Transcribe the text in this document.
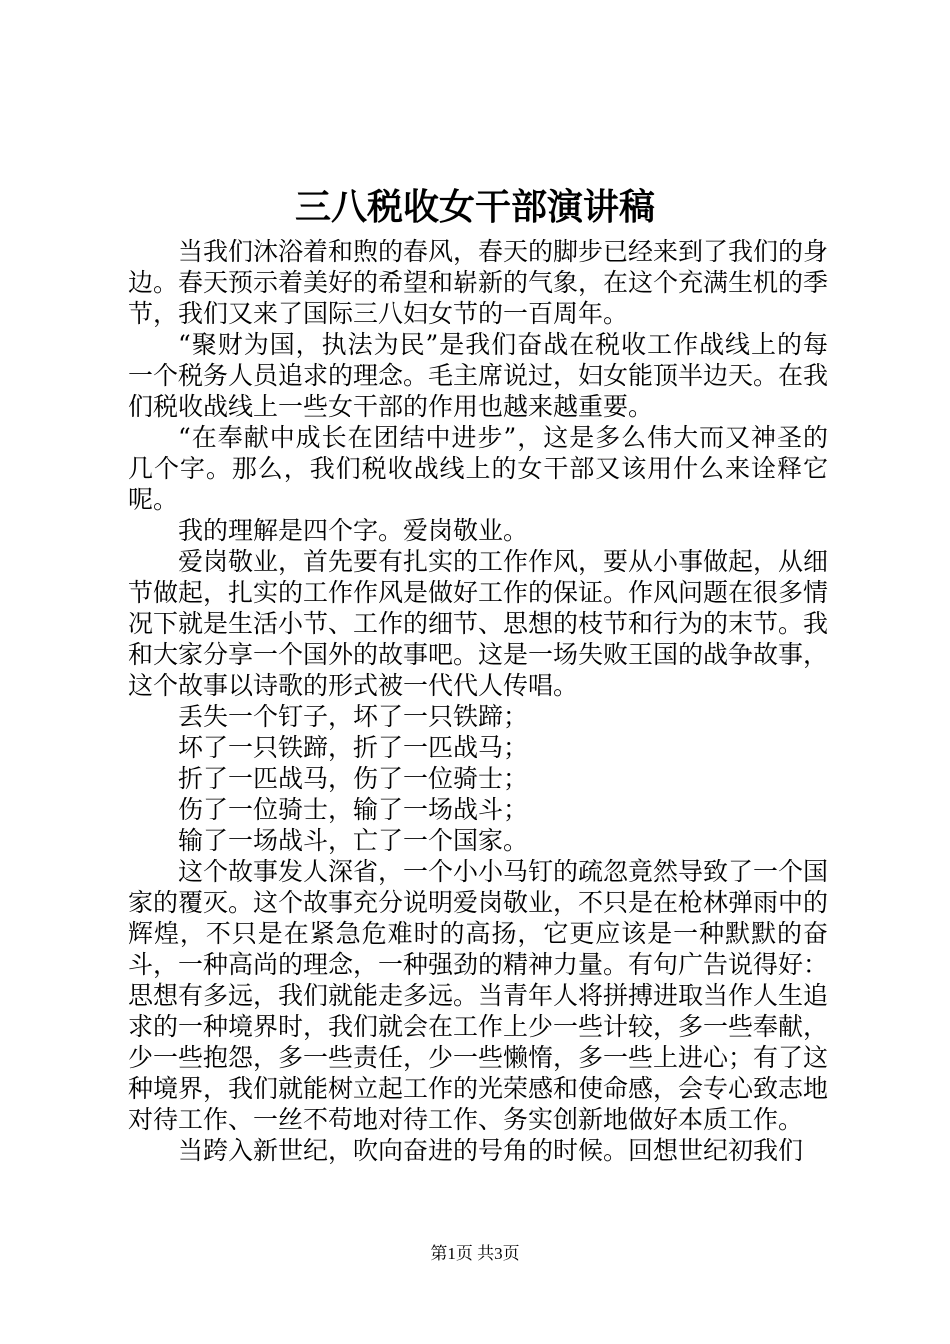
三八税收女干部演讲稿

当我们沐浴着和煦的春风，春天的脚步已经来到了我们的身边。春天预示着美好的希望和崭新的气象，在这个充满生机的季节，我们又来了国际三八妇女节的一百周年。

“聚财为国，执法为民”是我们奋战在税收工作战线上的每一个税务人员追求的理念。毛主席说过，妇女能顶半边天。在我们税收战线上一些女干部的作用也越来越重要。

“在奉献中成长在团结中进步”，这是多么伟大而又神圣的几个字。那么，我们税收战线上的女干部又该用什么来诠释它呢。

我的理解是四个字。爱岗敬业。

爱岗敬业，首先要有扎实的工作作风，要从小事做起，从细节做起，扎实的工作作风是做好工作的保证。作风问题在很多情况下就是生活小节、工作的细节、思想的枝节和行为的末节。我和大家分享一个国外的故事吧。这是一场失败王国的战争故事，这个故事以诗歌的形式被一代代人传唱。

丢失一个钉子，坏了一只铁蹄；

坏了一只铁蹄，折了一匹战马；

折了一匹战马，伤了一位骑士；

伤了一位骑士，输了一场战斗；

输了一场战斗，亡了一个国家。

这个故事发人深省，一个小小马钉的疏忽竟然导致了一个国家的覆灭。这个故事充分说明爱岗敬业，不只是在枪林弹雨中的辉煌，不只是在紧急危难时的高扬，它更应该是一种默默的奋斗，一种高尚的理念，一种强劲的精神力量。有句广告说得好：思想有多远，我们就能走多远。当青年人将拼搏进取当作人生追求的一种境界时，我们就会在工作上少一些计较，多一些奉献，少一些抱怨，多一些责任，少一些懒惰，多一些上进心；有了这种境界，我们就能树立起工作的光荣感和使命感，会专心致志地对待工作、一丝不苟地对待工作、务实创新地做好本质工作。

当跨入新世纪，吹向奋进的号角的时候。回想世纪初我们

第1页 共3页
